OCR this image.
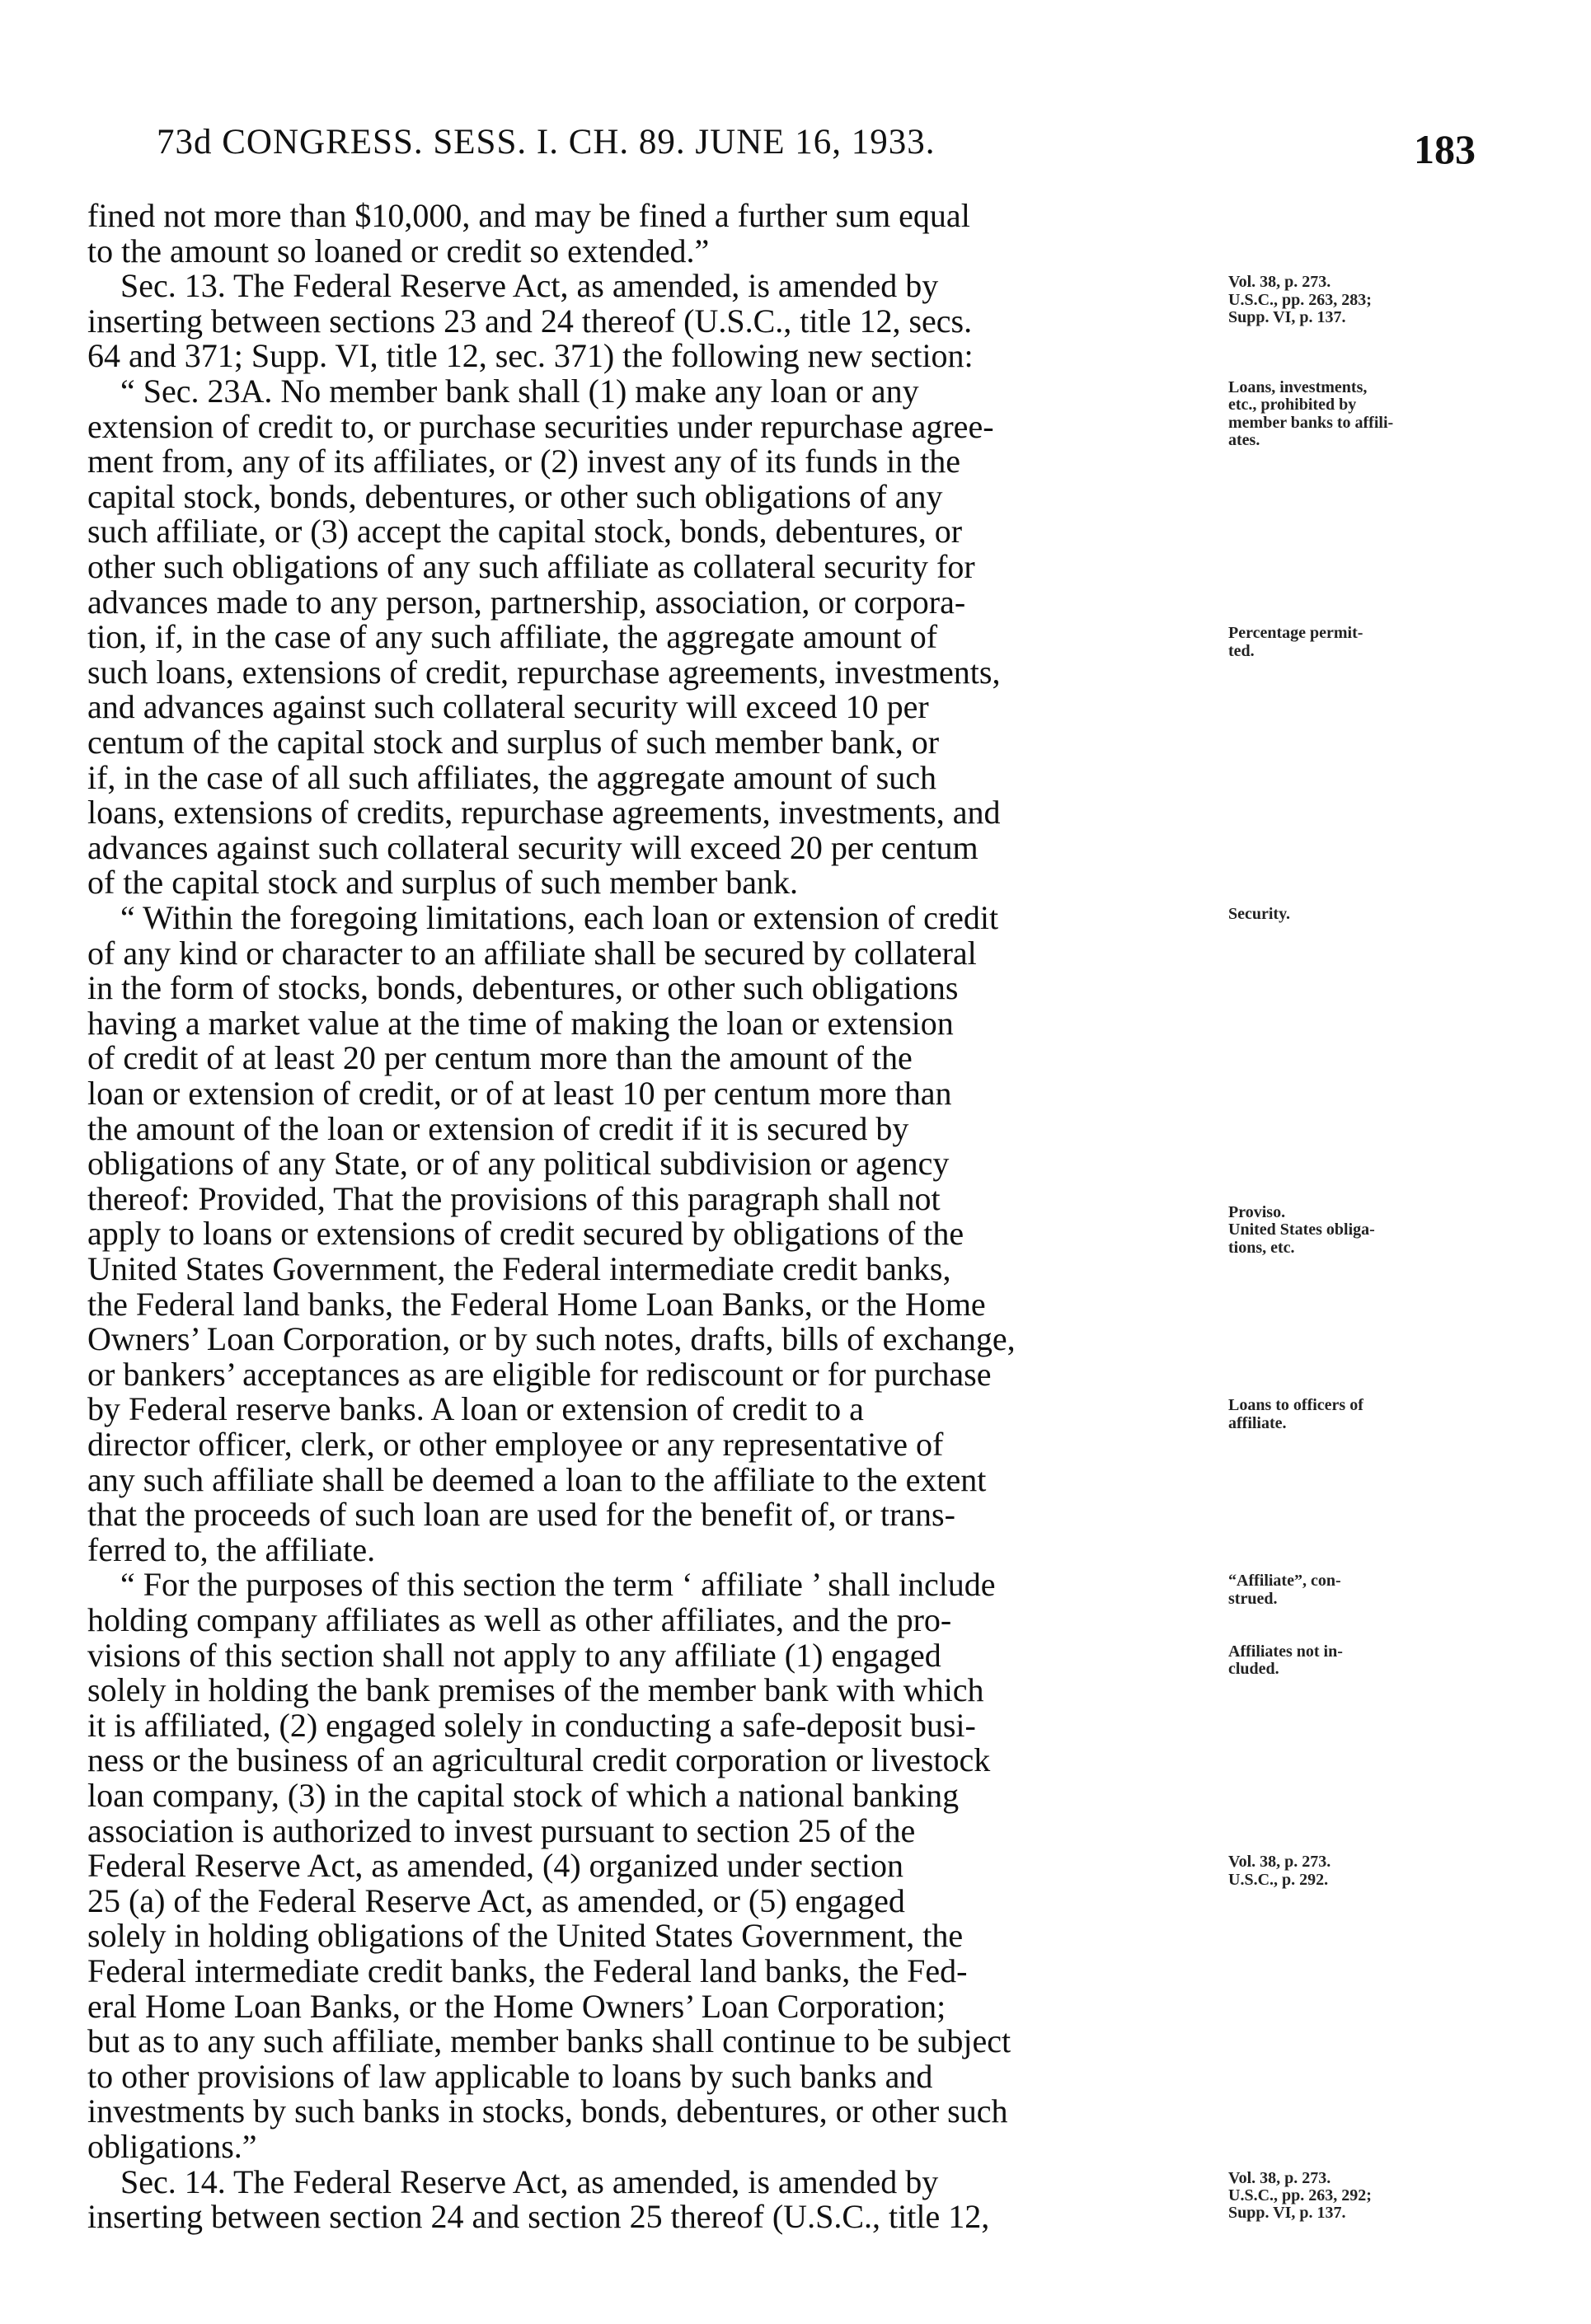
73d CONGRESS. SESS. I. CH. 89. JUNE 16, 1933.	183
fined not more than $10,000, and may be fined a further sum equal
to the amount so loaned or credit so extended.”
Sec. 13. The Federal Reserve Act, as amended, is amended by
inserting between sections 23 and 24 thereof (U.S.C., title 12, secs.
64 and 371; Supp. VI, title 12, sec. 371) the following new section:
“ Sec. 23A. No member bank shall (1) make any loan or any
extension of credit to, or purchase securities under repurchase agree-
ment from, any of its affiliates, or (2) invest any of its funds in the
capital stock, bonds, debentures, or other such obligations of any
such affiliate, or (3) accept the capital stock, bonds, debentures, or
other such obligations of any such affiliate as collateral security for
advances made to any person, partnership, association, or corpora-
tion, if, in the case of any such affiliate, the aggregate amount of
such loans, extensions of credit, repurchase agreements, investments,
and advances against such collateral security will exceed 10 per
centum of the capital stock and surplus of such member bank, or
if, in the case of all such affiliates, the aggregate amount of such
loans, extensions of credits, repurchase agreements, investments, and
advances against such collateral security will exceed 20 per centum
of the capital stock and surplus of such member bank.
“ Within the foregoing limitations, each loan or extension of credit
of any kind or character to an affiliate shall be secured by collateral
in the form of stocks, bonds, debentures, or other such obligations
having a market value at the time of making the loan or extension
of credit of at least 20 per centum more than the amount of the
loan or extension of credit, or of at least 10 per centum more than
the amount of the loan or extension of credit if it is secured by
obligations of any State, or of any political subdivision or agency
thereof: Provided, That the provisions of this paragraph shall not
apply to loans or extensions of credit secured by obligations of the
United States Government, the Federal intermediate credit banks,
the Federal land banks, the Federal Home Loan Banks, or the Home
Owners’ Loan Corporation, or by such notes, drafts, bills of exchange,
or bankers’ acceptances as are eligible for rediscount or for purchase
by Federal reserve banks. A loan or extension of credit to a
director officer, clerk, or other employee or any representative of
any such affiliate shall be deemed a loan to the affiliate to the extent
that the proceeds of such loan are used for the benefit of, or trans-
ferred to, the affiliate.
“ For the purposes of this section the term ‘ affiliate ’ shall include
holding company affiliates as well as other affiliates, and the pro-
visions of this section shall not apply to any affiliate (1) engaged
solely in holding the bank premises of the member bank with which
it is affiliated, (2) engaged solely in conducting a safe-deposit busi-
ness or the business of an agricultural credit corporation or livestock
loan company, (3) in the capital stock of which a national banking
association is authorized to invest pursuant to section 25 of the
Federal Reserve Act, as amended, (4) organized under section
25 (a) of the Federal Reserve Act, as amended, or (5) engaged
solely in holding obligations of the United States Government, the
Federal intermediate credit banks, the Federal land banks, the Fed-
eral Home Loan Banks, or the Home Owners’ Loan Corporation;
but as to any such affiliate, member banks shall continue to be subject
to other provisions of law applicable to loans by such banks and
investments by such banks in stocks, bonds, debentures, or other such
obligations.”
Sec. 14. The Federal Reserve Act, as amended, is amended by
inserting between section 24 and section 25 thereof (U.S.C., title 12,
Vol. 38, p. 273.
U.S.C., pp. 263, 283;
Supp. VI, p. 137.
Loans, investments,
etc., prohibited by
member banks to affili-
ates.
Percentage permit-
ted.
Security.
Proviso.
United States obliga-
tions, etc.
Loans to officers of
affiliate.
“Affiliate”, con-
strued.
Affiliates not in-
cluded.
Vol. 38, p. 273.
U.S.C., p. 292.
Vol. 38, p. 273.
U.S.C., pp. 263, 292;
Supp. VI, p. 137.
